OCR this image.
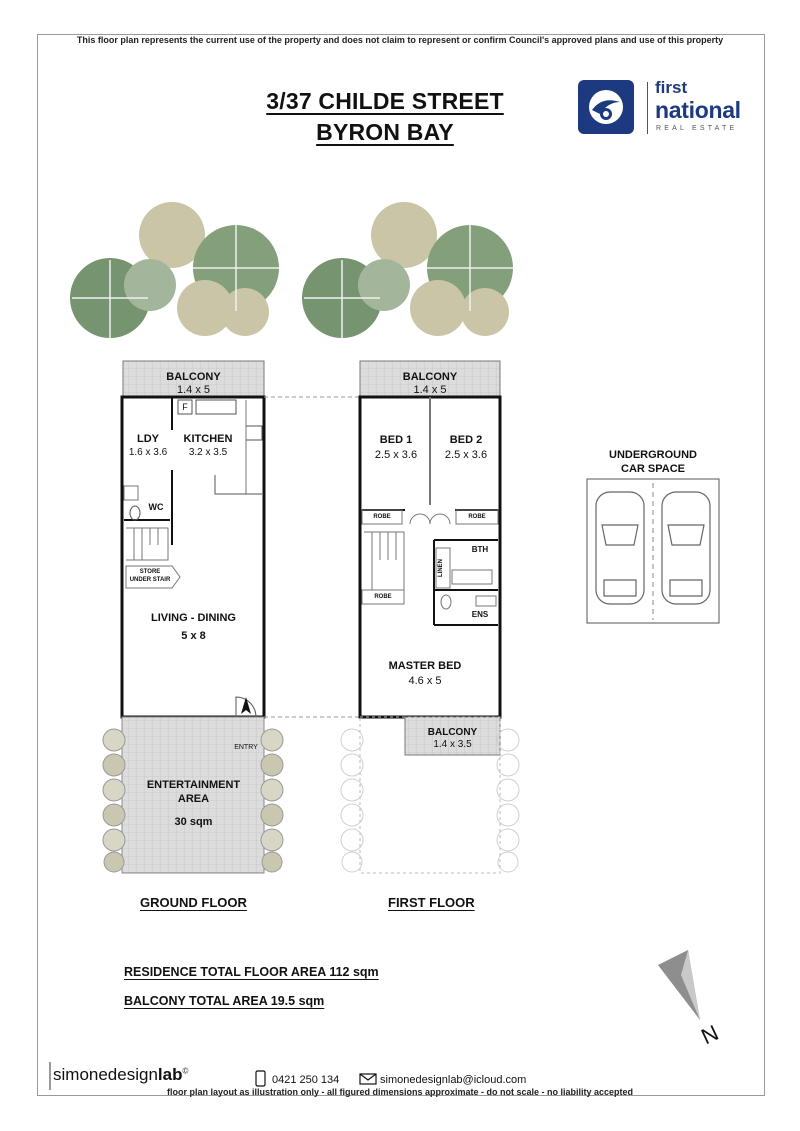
This floor plan represents the current use of the property and does not claim to represent or confirm Council's approved plans and use of this property
3/37 CHILDE STREET
BYRON BAY
first
national
REAL ESTATE
BALCONY
1.4 x 5
F
LDY
1.6 x 3.6
KITCHEN
3.2 x 3.5
WC
STORE
UNDER STAIR
LIVING - DINING
5 x 8
ENTRY
ENTERTAINMENT
AREA
30 sqm
BALCONY
1.4 x 5
BED 1
2.5 x 3.6
BED 2
2.5 x 3.6
ROBE	ROBE
ROBE
BTH
LINEN
ENS
MASTER BED
4.6 x 5
BALCONY
1.4 x 3.5
GROUND FLOOR	FIRST FLOOR
UNDERGROUND
CAR SPACE
N
RESIDENCE TOTAL FLOOR AREA 112 sqm
BALCONY TOTAL AREA 19.5 sqm
simonedesignlab©
0421 250 134	simonedesignlab@icloud.com
floor plan layout as illustration only - all figured dimensions approximate - do not scale - no liability accepted
